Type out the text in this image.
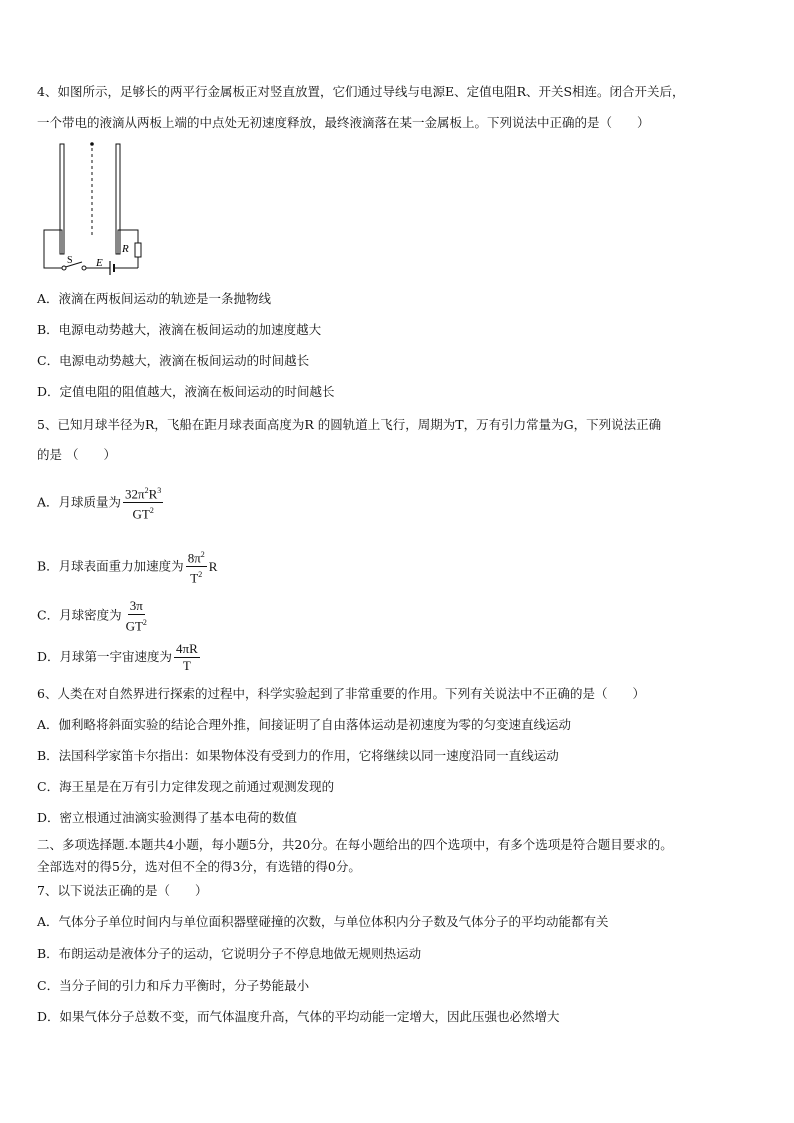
4、如图所示，足够长的两平行金属板正对竖直放置，它们通过导线与电源E、定值电阻R、开关S相连。闭合开关后，
一个带电的液滴从两板上端的中点处无初速度释放，最终液滴落在某一金属板上。下列说法中正确的是（　　）
S E
R
A．液滴在两板间运动的轨迹是一条抛物线
B．电源电动势越大，液滴在板间运动的加速度越大
C．电源电动势越大，液滴在板间运动的时间越长
D．定值电阻的阻值越大，液滴在板间运动的时间越长
5、已知月球半径为R，飞船在距月球表面高度为R 的圆轨道上飞行，周期为T，万有引力常量为G，下列说法正确
的是 （　　）
A．月球质量为 $\frac{32\pi^2R^3}{GT^2}$
B．月球表面重力加速度为 $\frac{8\pi^2}{T^2}$ R
C．月球密度为 $\frac{3\pi}{GT^2}$
D．月球第一宇宙速度为 $\frac{4\pi R}{T}$
6、人类在对自然界进行探索的过程中，科学实验起到了非常重要的作用。下列有关说法中不正确的是（　　）
A．伽利略将斜面实验的结论合理外推，间接证明了自由落体运动是初速度为零的匀变速直线运动
B．法国科学家笛卡尔指出：如果物体没有受到力的作用，它将继续以同一速度沿同一直线运动
C．海王星是在万有引力定律发现之前通过观测发现的
D．密立根通过油滴实验测得了基本电荷的数值
二、多项选择题.本题共4小题，每小题5分，共20分。在每小题给出的四个选项中，有多个选项是符合题目要求的。
全部选对的得5分，选对但不全的得3分，有选错的得0分。
7、以下说法正确的是（　　）
A．气体分子单位时间内与单位面积器壁碰撞的次数，与单位体积内分子数及气体分子的平均动能都有关
B．布朗运动是液体分子的运动，它说明分子不停息地做无规则热运动
C．当分子间的引力和斥力平衡时，分子势能最小
D．如果气体分子总数不变，而气体温度升高，气体的平均动能一定增大，因此压强也必然增大
